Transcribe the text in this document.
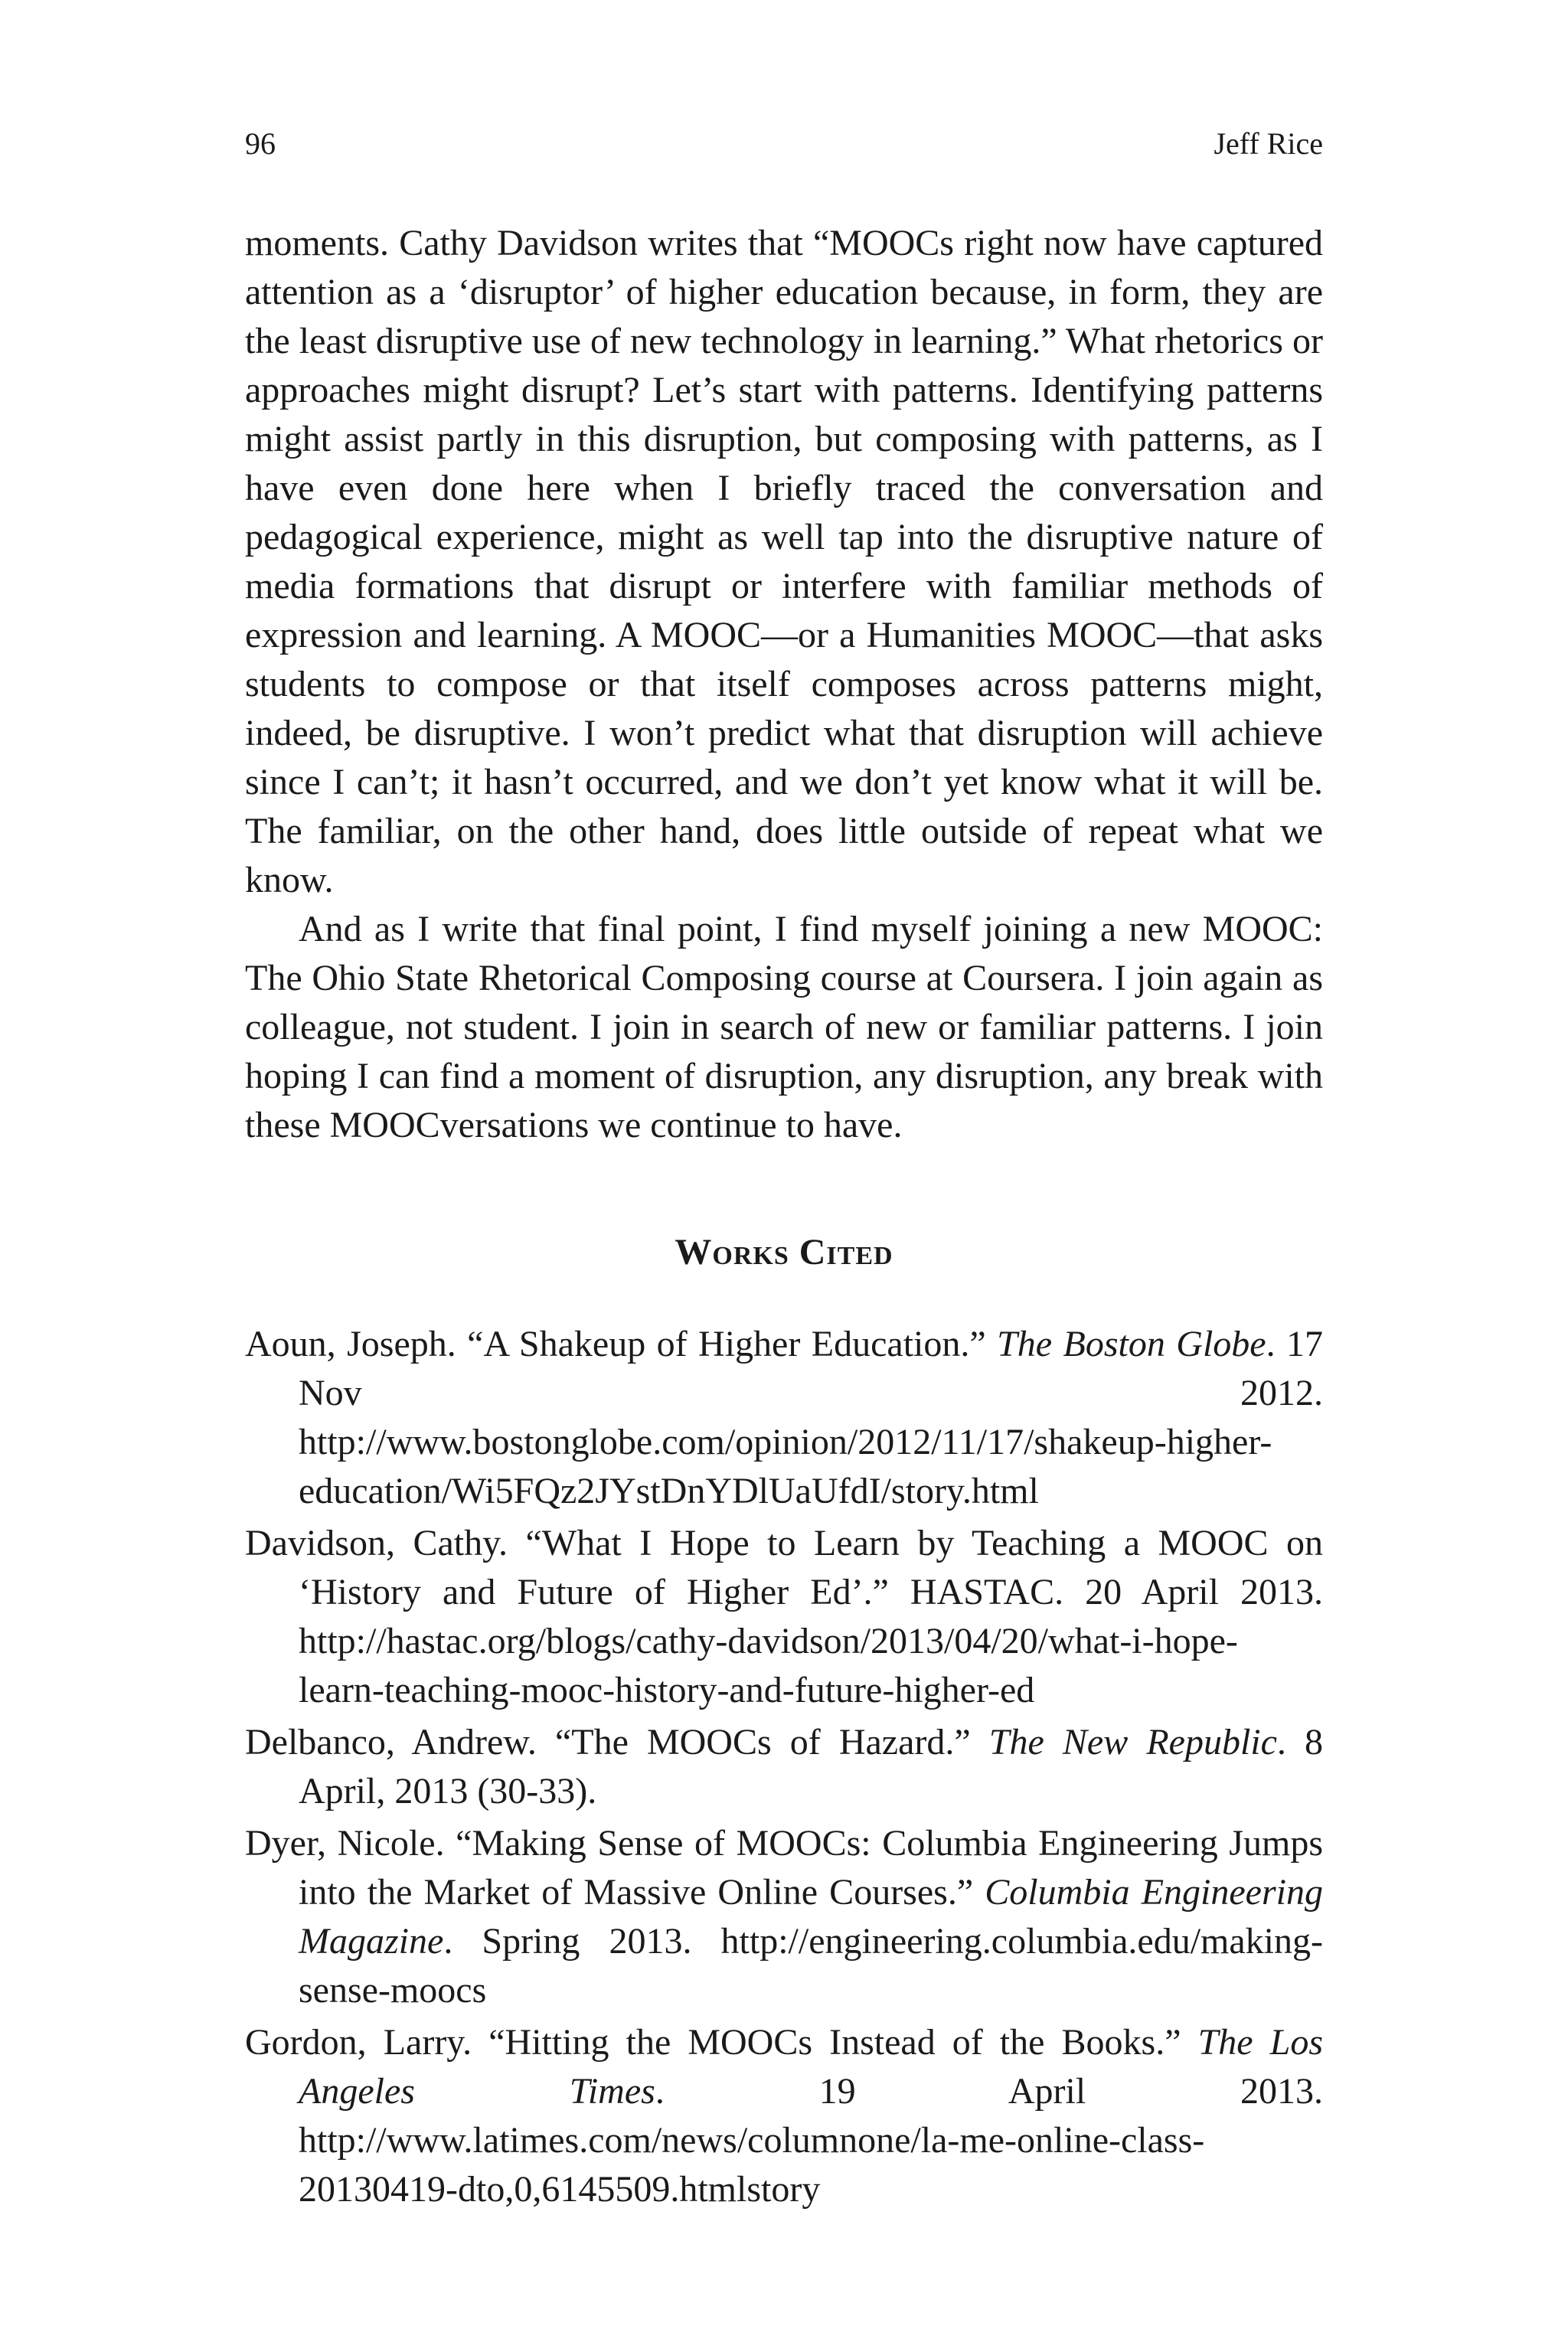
96	Jeff Rice

moments. Cathy Davidson writes that “MOOCs right now have captured attention as a ‘disruptor’ of higher education because, in form, they are the least disruptive use of new technology in learning.” What rhetorics or approaches might disrupt? Let’s start with patterns. Identifying patterns might assist partly in this disruption, but composing with patterns, as I have even done here when I briefly traced the conversation and pedagogical experience, might as well tap into the disruptive nature of media formations that disrupt or interfere with familiar methods of expression and learning. A MOOC—or a Humanities MOOC—that asks students to compose or that itself composes across patterns might, indeed, be disruptive. I won’t predict what that disruption will achieve since I can’t; it hasn’t occurred, and we don’t yet know what it will be. The familiar, on the other hand, does little outside of repeat what we know.

And as I write that final point, I find myself joining a new MOOC: The Ohio State Rhetorical Composing course at Coursera. I join again as colleague, not student. I join in search of new or familiar patterns. I join hoping I can find a moment of disruption, any disruption, any break with these MOOCversations we continue to have.

Works Cited
Aoun, Joseph. “A Shakeup of Higher Education.” The Boston Globe. 17 Nov 2012. http://www.bostonglobe.com/opinion/2012/11/17/shakeup-higher-education/Wi5FQz2JYstDnYDlUaUfdI/story.html
Davidson, Cathy. “What I Hope to Learn by Teaching a MOOC on ‘History and Future of Higher Ed’.” HASTAC. 20 April 2013. http://hastac.org/blogs/cathy-davidson/2013/04/20/what-i-hope-learn-teaching-mooc-history-and-future-higher-ed
Delbanco, Andrew. “The MOOCs of Hazard.” The New Republic. 8 April, 2013 (30-33).
Dyer, Nicole. “Making Sense of MOOCs: Columbia Engineering Jumps into the Market of Massive Online Courses.” Columbia Engineering Magazine. Spring 2013. http://engineering.columbia.edu/making-sense-moocs
Gordon, Larry. “Hitting the MOOCs Instead of the Books.” The Los Angeles Times. 19 April 2013. http://www.latimes.com/news/columnone/la-me-online-class-20130419-dto,0,6145509.htmlstory
